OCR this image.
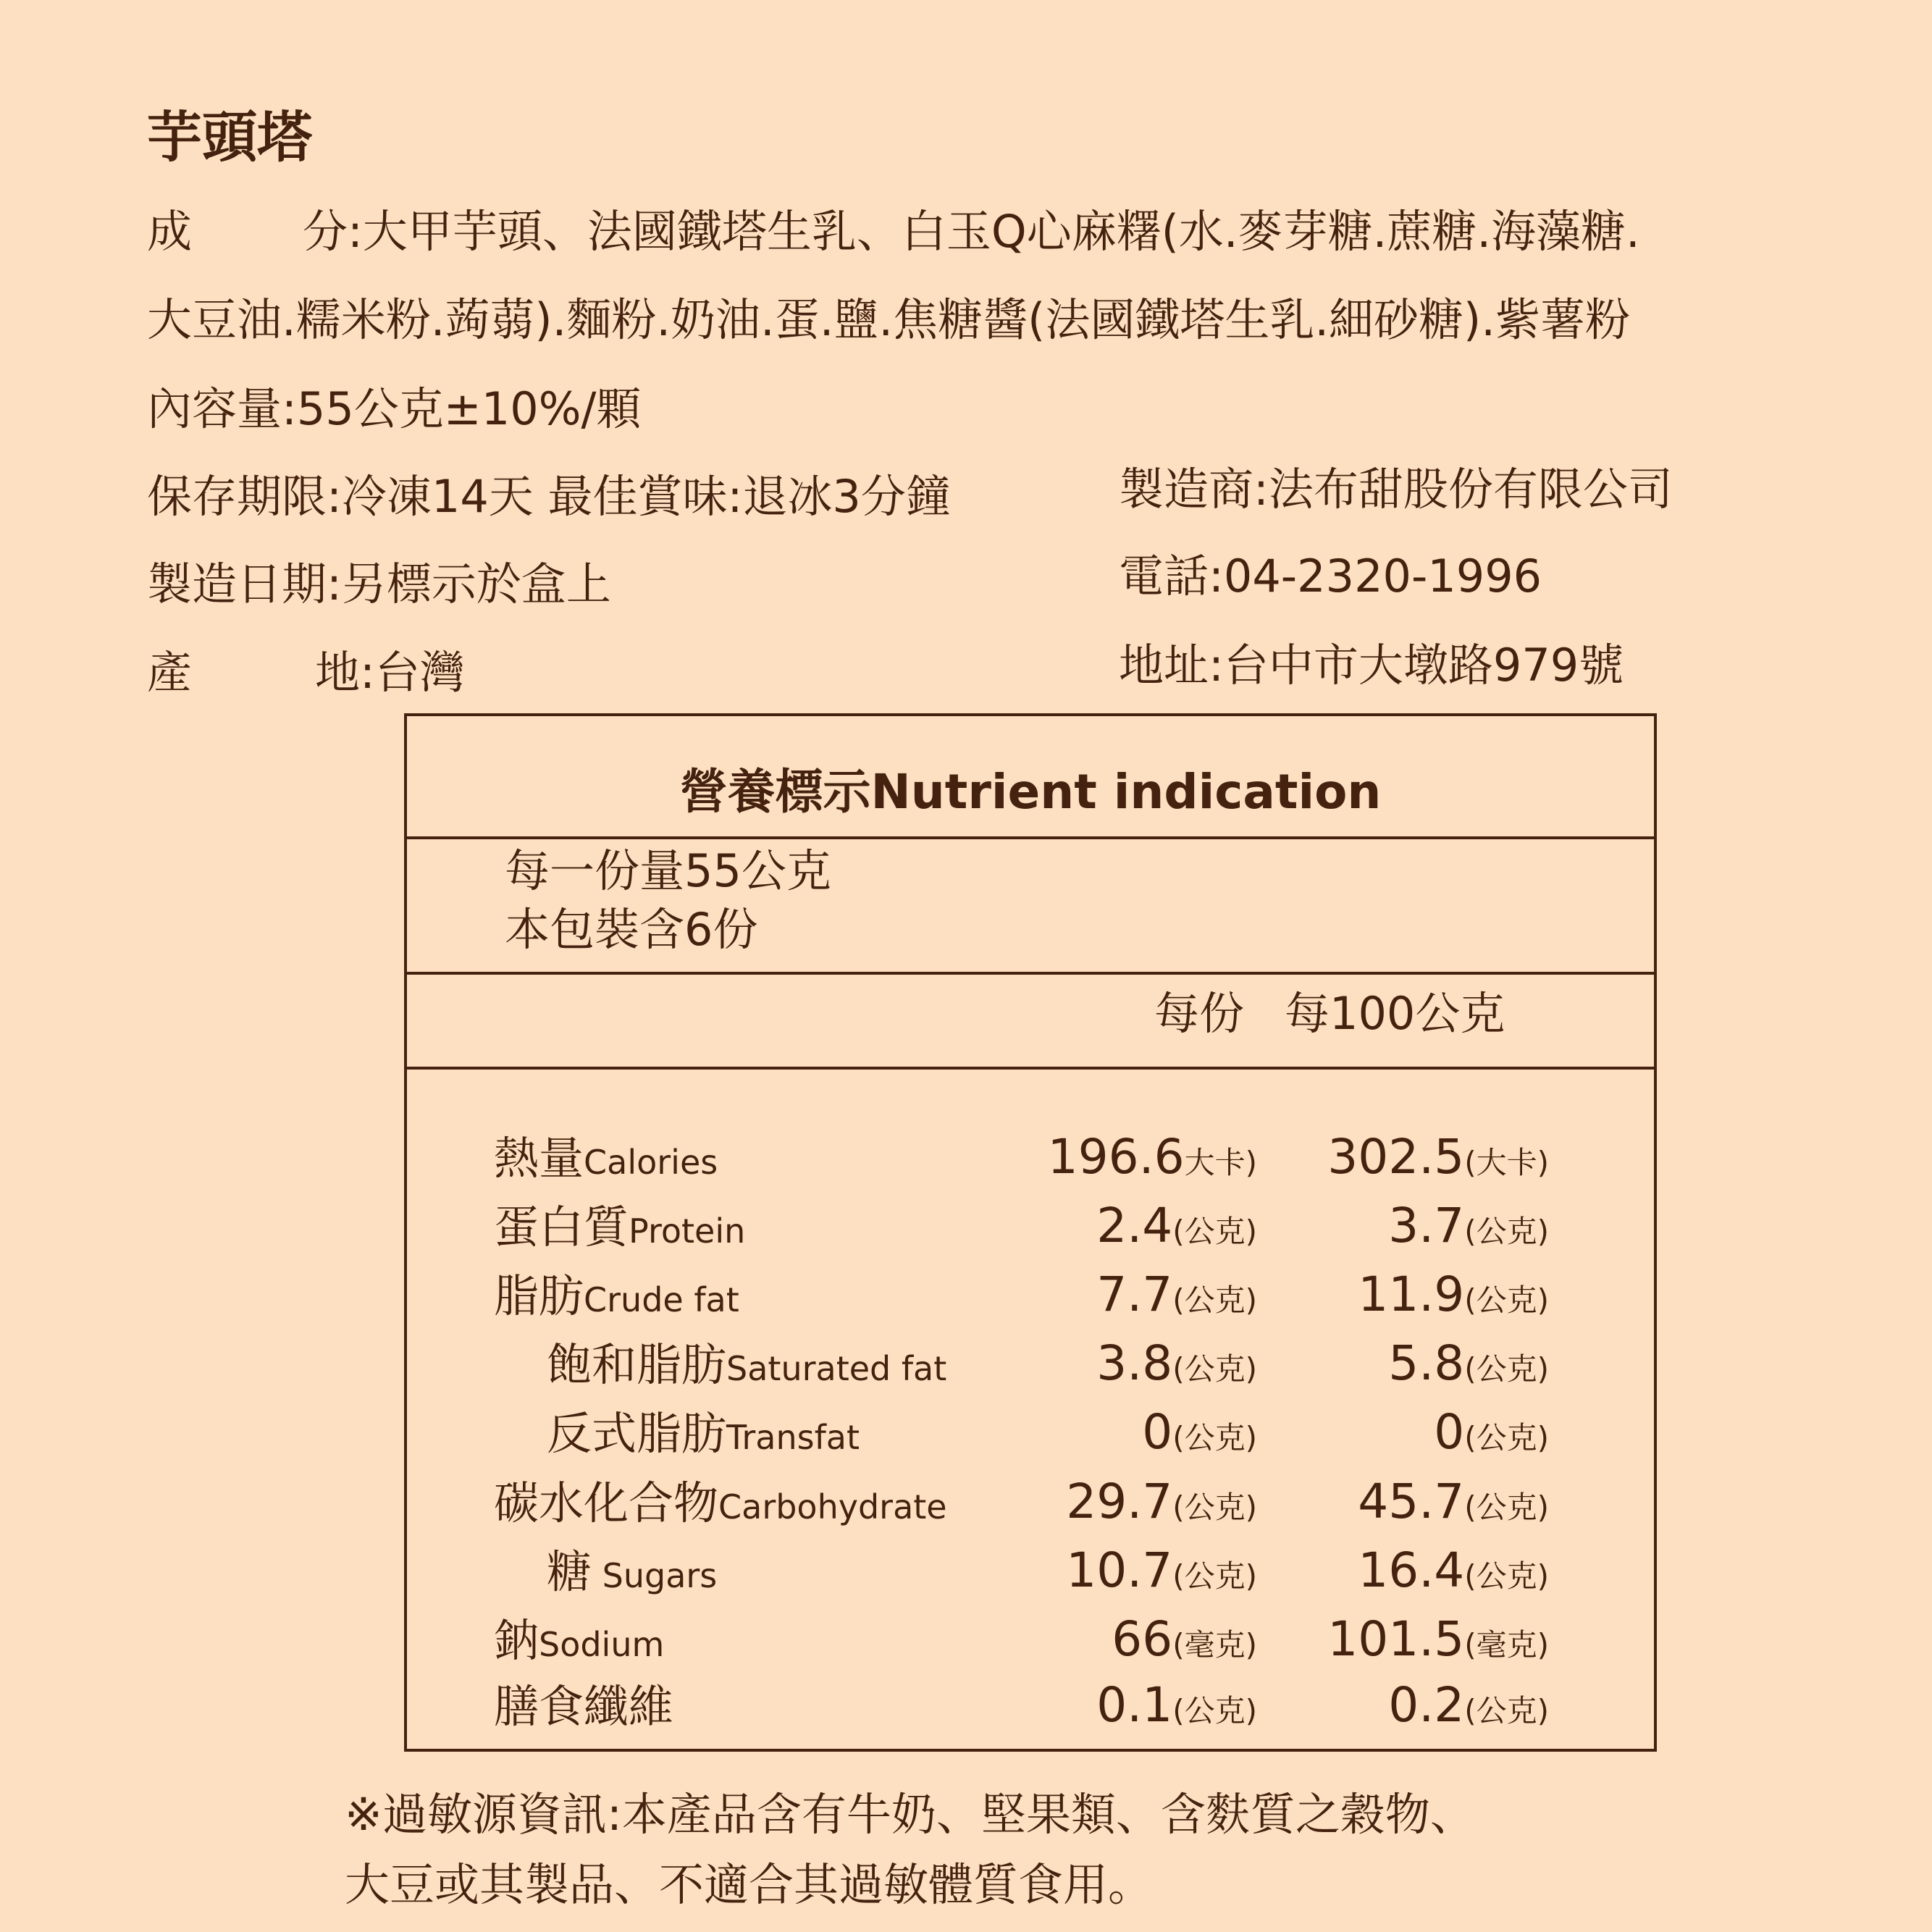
芋頭塔
成 分:大甲芋頭、法國鐵塔生乳、白玉Q心麻糬(水.麥芽糖.蔗糖.海藻糖.
大豆油.糯米粉.蒟蒻).麵粉.奶油.蛋.鹽.焦糖醬(法國鐵塔生乳.細砂糖).紫薯粉
內容量:55公克±10%/顆
保存期限:冷凍14天 最佳賞味:退冰3分鐘
製造日期:另標示於盒上
產	地:台灣
製造商:法布甜股份有限公司
電話:04-2320-1996
地址:台中市大墩路979號
營養標示Nutrient indication
每一份量55公克
本包裝含6份
每份 每100公克
熱量Calories	196.6大卡) 302.5(大卡)
蛋白質Protein	2.4(公克)	3.7(公克)
脂肪Crude fat	7.7(公克) 11.9(公克)
飽和脂肪Saturated fat	3.8(公克)	5.8(公克)
反式脂肪Transfat	0(公克)	0(公克)
碳水化合物Carbohydrate 29.7(公克) 45.7(公克)
糖 Sugars	10.7(公克) 16.4(公克)
鈉Sodium	66(毫克) 101.5(毫克)
膳食纖維	0.1(公克)	0.2(公克)
※過敏源資訊:本產品含有牛奶、堅果類、含麩質之穀物、
大豆或其製品、不適合其過敏體質食用。
